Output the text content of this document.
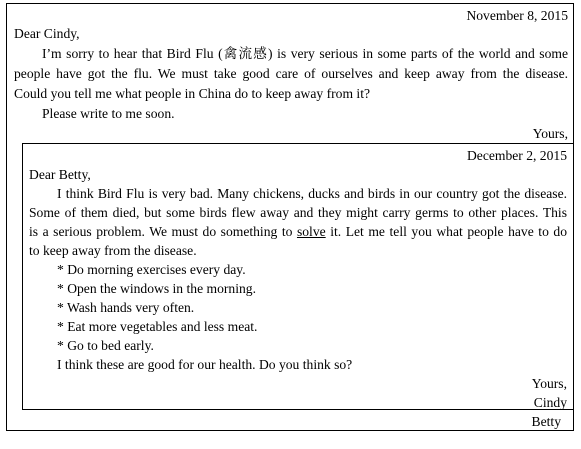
November 8, 2015
Dear Cindy,
I’m sorry to hear that Bird Flu (禽流感) is very serious in some parts of the world and some
people have got the flu. We must take good care of ourselves and keep away from the disease.
Could you tell me what people in China do to keep away from it?
Please write to me soon.
Yours,
December 2, 2015
Dear Betty,
I think Bird Flu is very bad. Many chickens, ducks and birds in our country got the disease.
Some of them died, but some birds flew away and they might carry germs to other places. This
is a serious problem. We must do something to solve it. Let me tell you what people have to do
to keep away from the disease.
* Do morning exercises every day.
* Open the windows in the morning.
* Wash hands very often.
* Eat more vegetables and less meat.
* Go to bed early.
I think these are good for our health. Do you think so?
Yours,
Cindy
Betty
